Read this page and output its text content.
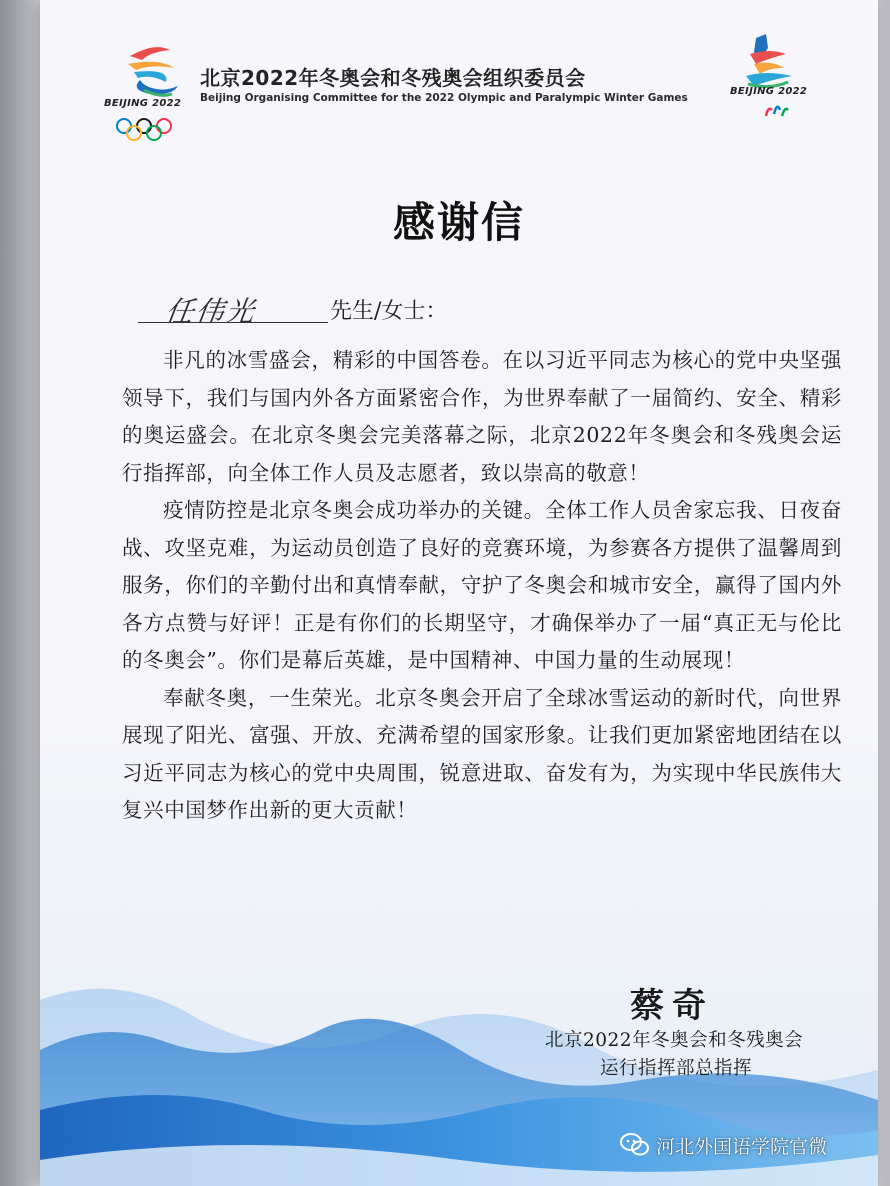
BEIJING 2022
北京2022年冬奥会和冬残奥会组织委员会
Beijing Organising Committee for the 2022 Olympic and Paralympic Winter Games
BEIJING 2022
感谢信
任伟光	先生/女士：

非凡的冰雪盛会，精彩的中国答卷。在以习近平同志为核心的党中央坚强领导下，我们与国内外各方面紧密合作，为世界奉献了一届简约、安全、精彩的奥运盛会。在北京冬奥会完美落幕之际，北京2022年冬奥会和冬残奥会运行指挥部，向全体工作人员及志愿者，致以崇高的敬意！

疫情防控是北京冬奥会成功举办的关键。全体工作人员舍家忘我、日夜奋战、攻坚克难，为运动员创造了良好的竞赛环境，为参赛各方提供了温馨周到服务，你们的辛勤付出和真情奉献，守护了冬奥会和城市安全，赢得了国内外各方点赞与好评！正是有你们的长期坚守，才确保举办了一届“真正无与伦比的冬奥会”。你们是幕后英雄，是中国精神、中国力量的生动展现！

奉献冬奥，一生荣光。北京冬奥会开启了全球冰雪运动的新时代，向世界展现了阳光、富强、开放、充满希望的国家形象。让我们更加紧密地团结在以习近平同志为核心的党中央周围，锐意进取、奋发有为，为实现中华民族伟大复兴中国梦作出新的更大贡献！

蔡奇
北京2022年冬奥会和冬残奥会
运行指挥部总指挥
河北外国语学院官微
